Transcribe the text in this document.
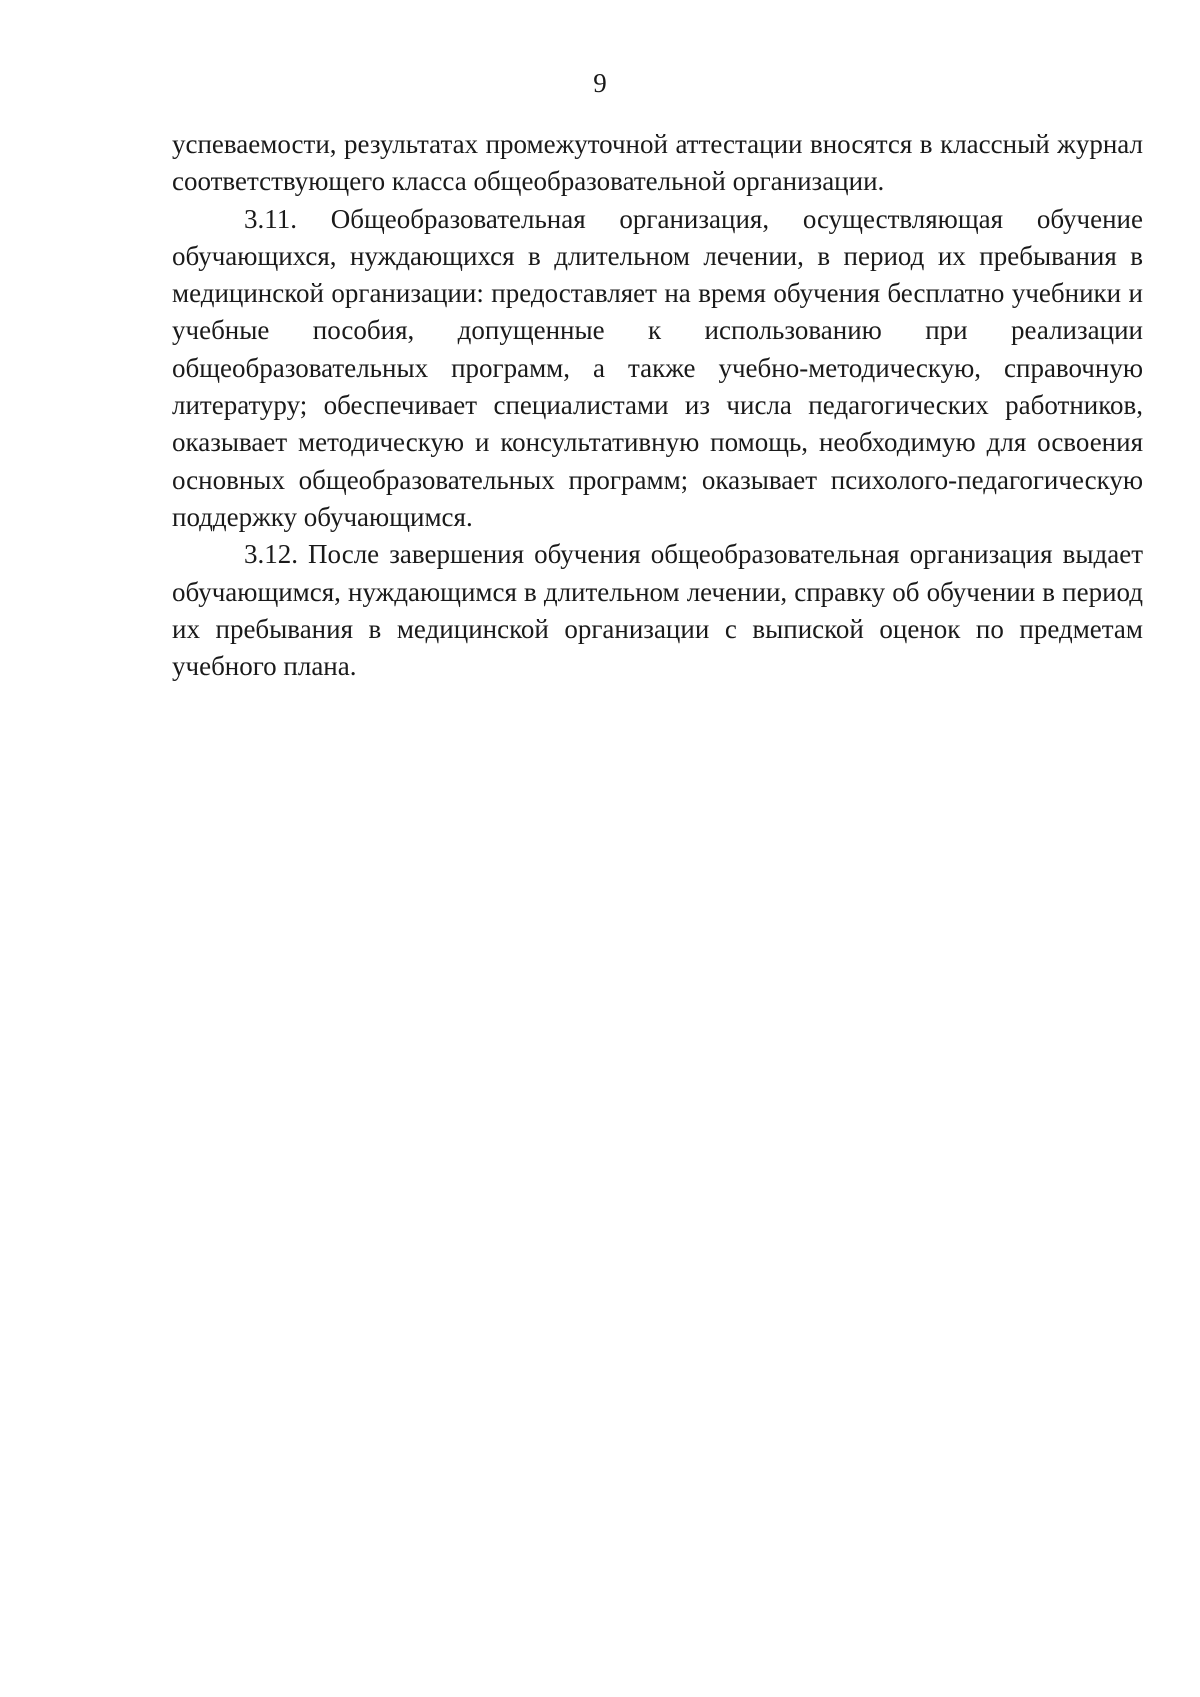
9

успеваемости, результатах промежуточной аттестации вносятся в классный журнал соответствующего класса общеобразовательной организации.

3.11. Общеобразовательная организация, осуществляющая обучение обучающихся, нуждающихся в длительном лечении, в период их пребывания в медицинской организации: предоставляет на время обучения бесплатно учебники и учебные пособия, допущенные к использованию при реализации общеобразовательных программ, а также учебно-методическую, справочную литературу; обеспечивает специалистами из числа педагогических работников, оказывает методическую и консультативную помощь, необходимую для освоения основных общеобразовательных программ; оказывает психолого-педагогическую поддержку обучающимся.

3.12. После завершения обучения общеобразовательная организация выдает обучающимся, нуждающимся в длительном лечении, справку об обучении в период их пребывания в медицинской организации с выпиской оценок по предметам учебного плана.
